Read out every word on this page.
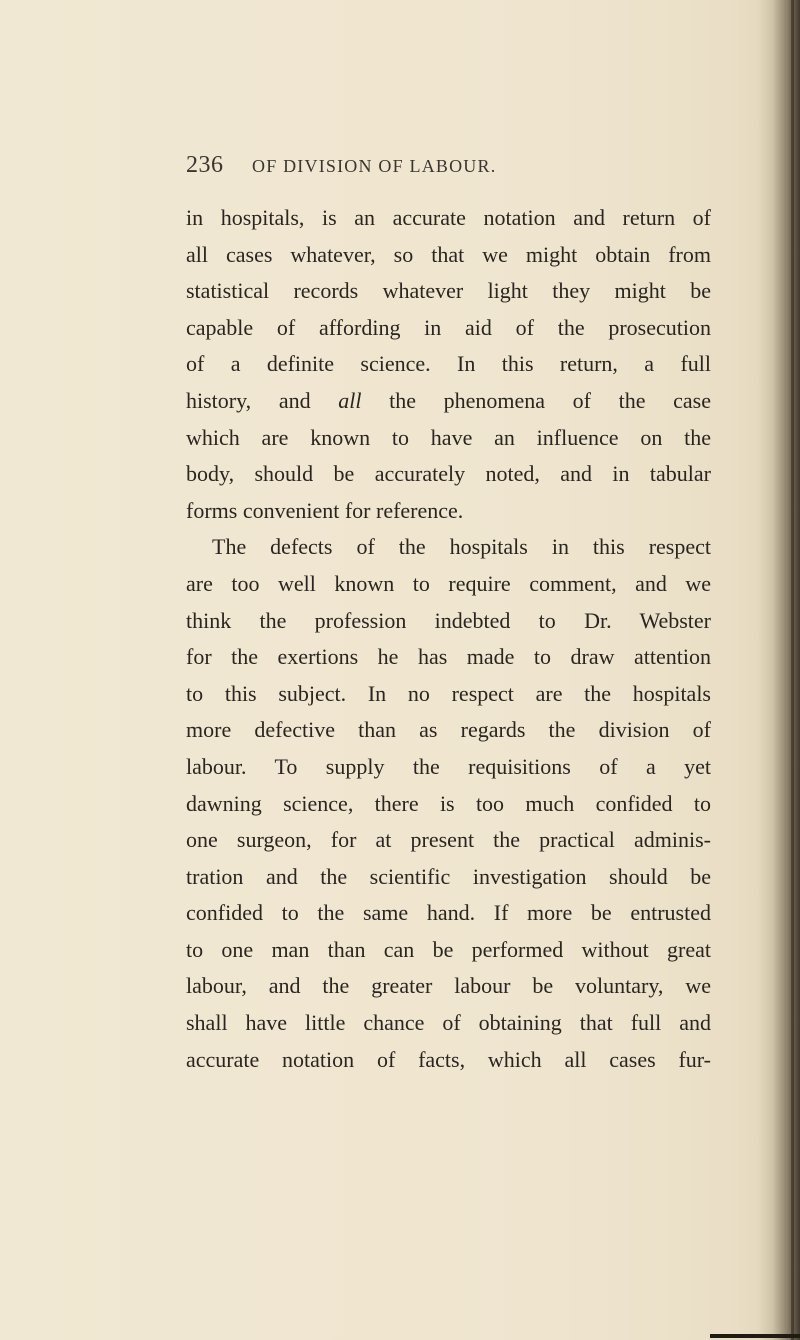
236 OF DIVISION OF LABOUR.
in hospitals, is an accurate notation and return of
all cases whatever, so that we might obtain from
statistical records whatever light they might be
capable of affording in aid of the prosecution
of a definite science. In this return, a full
history, and all the phenomena of the case
which are known to have an influence on the
body, should be accurately noted, and in tabular
forms convenient for reference.
The defects of the hospitals in this respect
are too well known to require comment, and we
think the profession indebted to Dr. Webster
for the exertions he has made to draw attention
to this subject. In no respect are the hospitals
more defective than as regards the division of
labour. To supply the requisitions of a yet
dawning science, there is too much confided to
one surgeon, for at present the practical adminis-
tration and the scientific investigation should be
confided to the same hand. If more be entrusted
to one man than can be performed without great
labour, and the greater labour be voluntary, we
shall have little chance of obtaining that full and
accurate notation of facts, which all cases fur-
